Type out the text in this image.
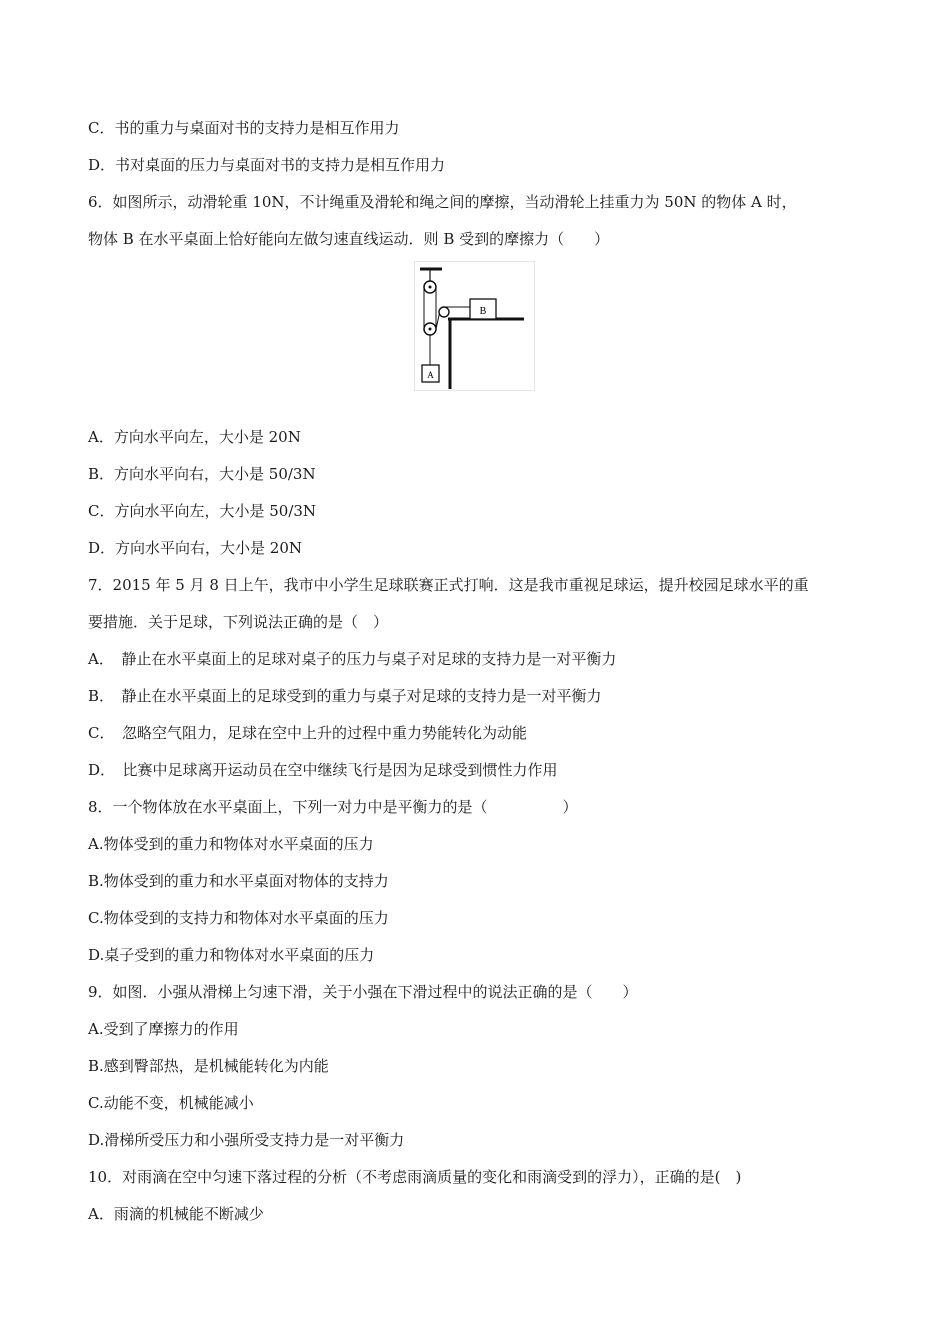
C．书的重力与桌面对书的支持力是相互作用力
D．书对桌面的压力与桌面对书的支持力是相互作用力
6．如图所示，动滑轮重 10N，不计绳重及滑轮和绳之间的摩擦，当动滑轮上挂重力为 50N 的物体 A 时，
物体 B 在水平桌面上恰好能向左做匀速直线运动．则 B 受到的摩擦力（　　）
B
A
A．方向水平向左，大小是 20N
B．方向水平向右，大小是 50/3N
C．方向水平向左，大小是 50/3N
D．方向水平向右，大小是 20N
7．2015 年 5 月 8 日上午，我市中小学生足球联赛正式打响．这是我市重视足球运，提升校园足球水平的重
要措施．关于足球，下列说法正确的是（　）
A．　静止在水平桌面上的足球对桌子的压力与桌子对足球的支持力是一对平衡力
B．　静止在水平桌面上的足球受到的重力与桌子对足球的支持力是一对平衡力
C．　忽略空气阻力，足球在空中上升的过程中重力势能转化为动能
D．　比赛中足球离开运动员在空中继续飞行是因为足球受到惯性力作用
8．一个物体放在水平桌面上，下列一对力中是平衡力的是（　　　　　）
A.物体受到的重力和物体对水平桌面的压力
B.物体受到的重力和水平桌面对物体的支持力
C.物体受到的支持力和物体对水平桌面的压力
D.桌子受到的重力和物体对水平桌面的压力
9．如图．小强从滑梯上匀速下滑，关于小强在下滑过程中的说法正确的是（　　）
A.受到了摩擦力的作用
B.感到臀部热，是机械能转化为内能
C.动能不变，机械能减小
D.滑梯所受压力和小强所受支持力是一对平衡力
10．对雨滴在空中匀速下落过程的分析（不考虑雨滴质量的变化和雨滴受到的浮力），正确的是(　)
A．雨滴的机械能不断减少
